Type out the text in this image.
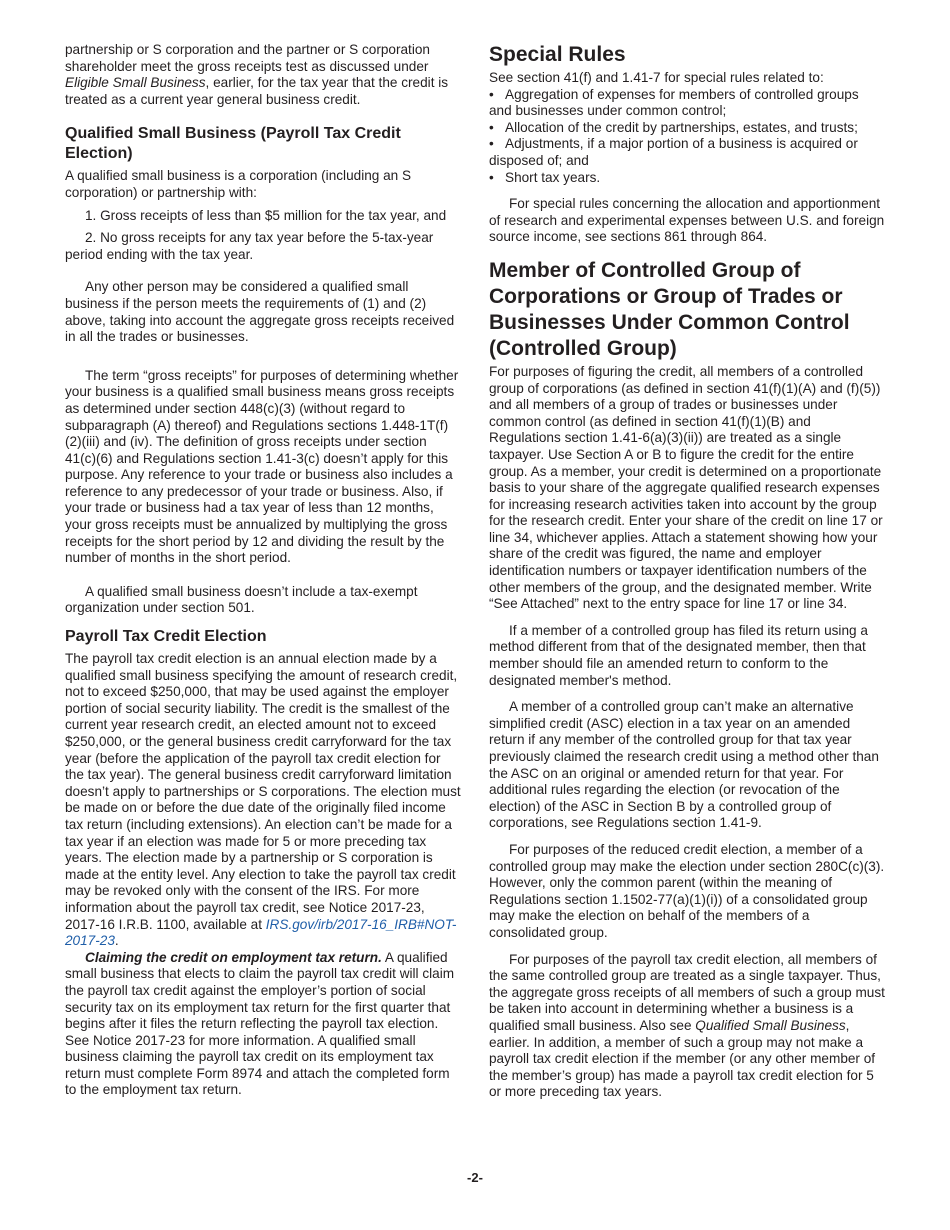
partnership or S corporation and the partner or S corporation shareholder meet the gross receipts test as discussed under Eligible Small Business, earlier, for the tax year that the credit is treated as a current year general business credit.

Qualified Small Business (Payroll Tax Credit Election)

A qualified small business is a corporation (including an S corporation) or partnership with:

1. Gross receipts of less than $5 million for the tax year, and

2. No gross receipts for any tax year before the 5-tax-year period ending with the tax year.

Any other person may be considered a qualified small business if the person meets the requirements of (1) and (2) above, taking into account the aggregate gross receipts received in all the trades or businesses.

The term “gross receipts” for purposes of determining whether your business is a qualified small business means gross receipts as determined under section 448(c)(3) (without regard to subparagraph (A) thereof) and Regulations sections 1.448-1T(f)(2)(iii) and (iv). The definition of gross receipts under section 41(c)(6) and Regulations section 1.41-3(c) doesn’t apply for this purpose. Any reference to your trade or business also includes a reference to any predecessor of your trade or business. Also, if your trade or business had a tax year of less than 12 months, your gross receipts must be annualized by multiplying the gross receipts for the short period by 12 and dividing the result by the number of months in the short period.

A qualified small business doesn’t include a tax-exempt organization under section 501.

Payroll Tax Credit Election

The payroll tax credit election is an annual election made by a qualified small business specifying the amount of research credit, not to exceed $250,000, that may be used against the employer portion of social security liability. The credit is the smallest of the current year research credit, an elected amount not to exceed $250,000, or the general business credit carryforward for the tax year (before the application of the payroll tax credit election for the tax year). The general business credit carryforward limitation doesn’t apply to partnerships or S corporations. The election must be made on or before the due date of the originally filed income tax return (including extensions). An election can’t be made for a tax year if an election was made for 5 or more preceding tax years. The election made by a partnership or S corporation is made at the entity level. Any election to take the payroll tax credit may be revoked only with the consent of the IRS. For more information about the payroll tax credit, see Notice 2017-23, 2017-16 I.R.B. 1100, available at IRS.gov/irb/2017-16_IRB#NOT-2017-23.

Claiming the credit on employment tax return. A qualified small business that elects to claim the payroll tax credit will claim the payroll tax credit against the employer’s portion of social security tax on its employment tax return for the first quarter that begins after it files the return reflecting the payroll tax election. See Notice 2017-23 for more information. A qualified small business claiming the payroll tax credit on its employment tax return must complete Form 8974 and attach the completed form to the employment tax return.

Special Rules

See section 41(f) and 1.41-7 for special rules related to:

• Aggregation of expenses for members of controlled groups and businesses under common control;
• Allocation of the credit by partnerships, estates, and trusts;
• Adjustments, if a major portion of a business is acquired or disposed of; and
• Short tax years.

For special rules concerning the allocation and apportionment of research and experimental expenses between U.S. and foreign source income, see sections 861 through 864.

Member of Controlled Group of Corporations or Group of Trades or Businesses Under Common Control (Controlled Group)

For purposes of figuring the credit, all members of a controlled group of corporations (as defined in section 41(f)(1)(A) and (f)(5)) and all members of a group of trades or businesses under common control (as defined in section 41(f)(1)(B) and Regulations section 1.41-6(a)(3)(ii)) are treated as a single taxpayer. Use Section A or B to figure the credit for the entire group. As a member, your credit is determined on a proportionate basis to your share of the aggregate qualified research expenses for increasing research activities taken into account by the group for the research credit. Enter your share of the credit on line 17 or line 34, whichever applies. Attach a statement showing how your share of the credit was figured, the name and employer identification numbers or taxpayer identification numbers of the other members of the group, and the designated member. Write “See Attached” next to the entry space for line 17 or line 34.

If a member of a controlled group has filed its return using a method different from that of the designated member, then that member should file an amended return to conform to the designated member's method.

A member of a controlled group can’t make an alternative simplified credit (ASC) election in a tax year on an amended return if any member of the controlled group for that tax year previously claimed the research credit using a method other than the ASC on an original or amended return for that year. For additional rules regarding the election (or revocation of the election) of the ASC in Section B by a controlled group of corporations, see Regulations section 1.41-9.

For purposes of the reduced credit election, a member of a controlled group may make the election under section 280C(c)(3). However, only the common parent (within the meaning of Regulations section 1.1502-77(a)(1)(i)) of a consolidated group may make the election on behalf of the members of a consolidated group.

For purposes of the payroll tax credit election, all members of the same controlled group are treated as a single taxpayer. Thus, the aggregate gross receipts of all members of such a group must be taken into account in determining whether a business is a qualified small business. Also see Qualified Small Business, earlier. In addition, a member of such a group may not make a payroll tax credit election if the member (or any other member of the member’s group) has made a payroll tax credit election for 5 or more preceding tax years.

-2-
